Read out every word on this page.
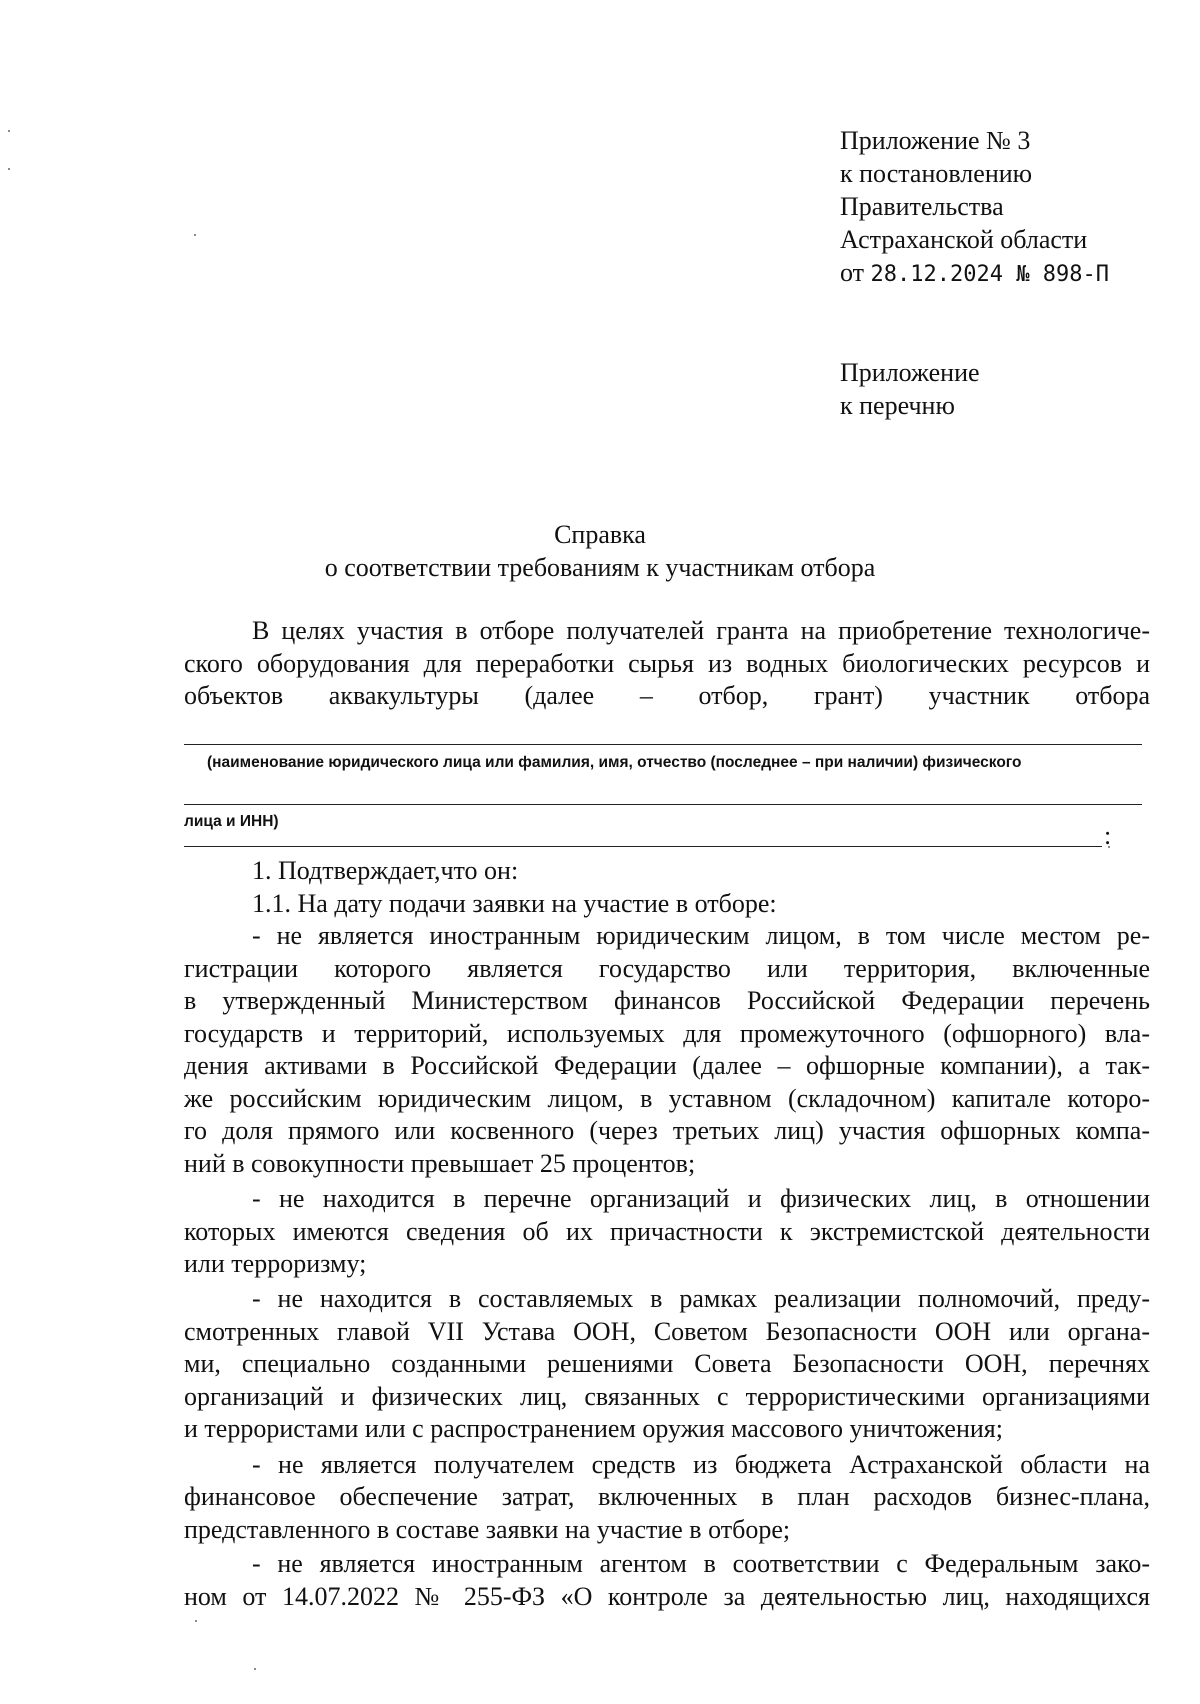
Приложение № 3
к постановлению
Правительства
Астраханской области
от 28.12.2024 № 898-П
Приложение
к перечню
Справка
о соответствии требованиям к участникам отбора
В целях участия в отборе получателей гранта на приобретение технологиче-
ского оборудования для переработки сырья из водных биологических ресурсов и
объектов аквакультуры (далее – отбор, грант) участник отбора
(наименование юридического лица или фамилия, имя, отчество (последнее – при наличии) физического
лица и ИНН)	:
1. Подтверждает,что он:
1.1. На дату подачи заявки на участие в отборе:
- не является иностранным юридическим лицом, в том числе местом ре-
гистрации которого является государство или территория, включенные
в утвержденный Министерством финансов Российской Федерации перечень
государств и территорий, используемых для промежуточного (офшорного) вла-
дения активами в Российской Федерации (далее – офшорные компании), а так-
же российским юридическим лицом, в уставном (складочном) капитале которо-
го доля прямого или косвенного (через третьих лиц) участия офшорных компа-
ний в совокупности превышает 25 процентов;
- не находится в перечне организаций и физических лиц, в отношении
которых имеются сведения об их причастности к экстремистской деятельности
или терроризму;
- не находится в составляемых в рамках реализации полномочий, преду-
смотренных главой VII Устава ООН, Советом Безопасности ООН или органа-
ми, специально созданными решениями Совета Безопасности ООН, перечнях
организаций и физических лиц, связанных с террористическими организациями
и террористами или с распространением оружия массового уничтожения;
- не является получателем средств из бюджета Астраханской области на
финансовое обеспечение затрат, включенных в план расходов бизнес-плана,
представленного в составе заявки на участие в отборе;
- не является иностранным агентом в соответствии с Федеральным зако-
ном от 14.07.2022 № 255-ФЗ «О контроле за деятельностью лиц, находящихся
